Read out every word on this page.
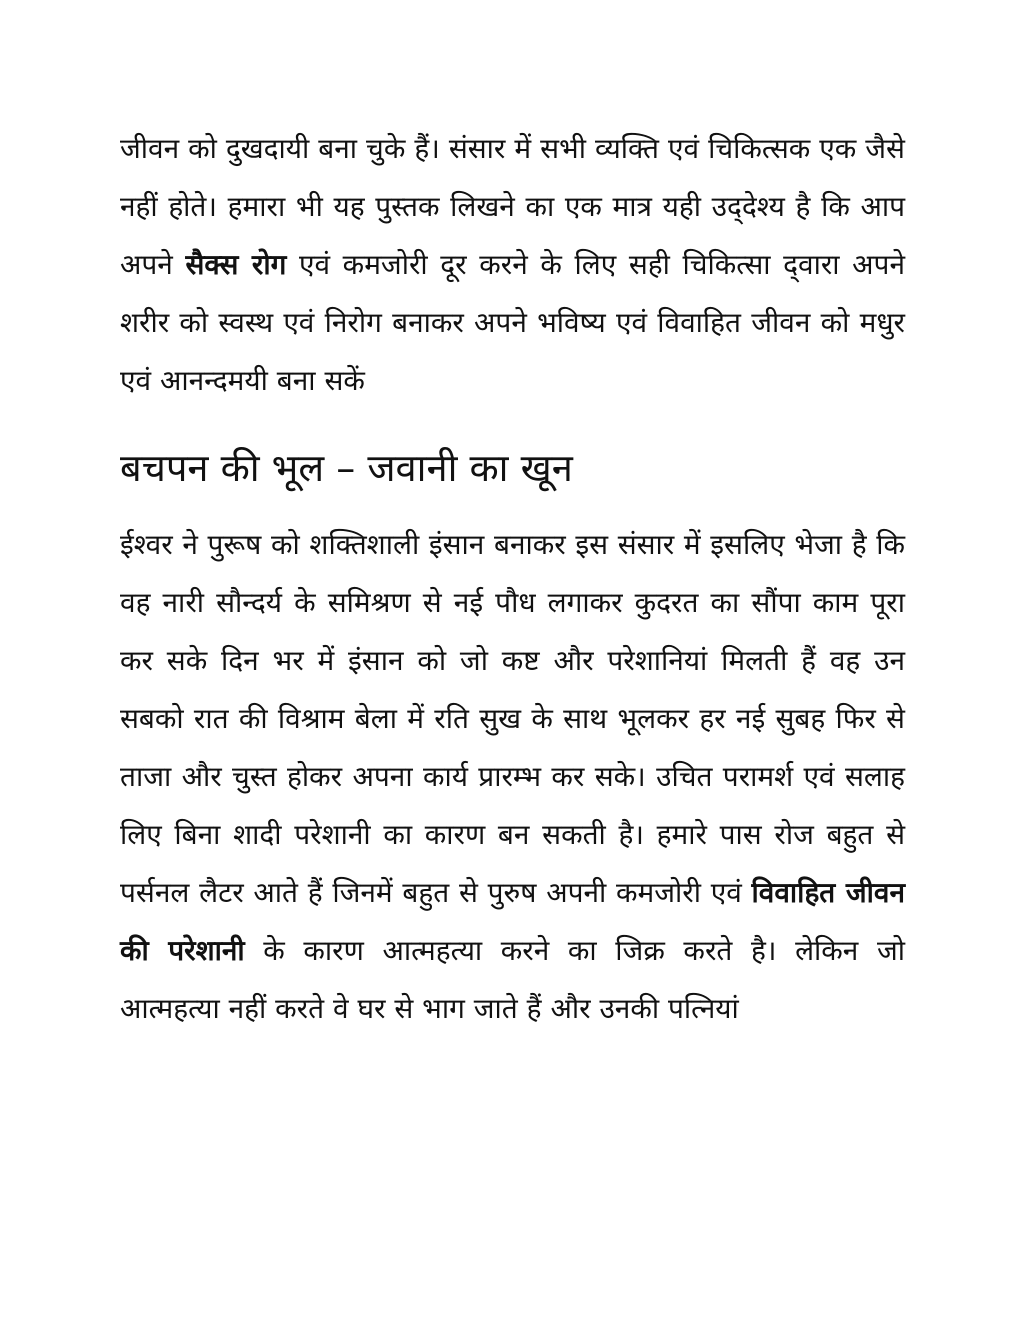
जीवन को दुखदायी बना चुके हैं। संसार में सभी व्यक्ति एवं चिकित्सक एक जैसे नहीं होते। हमारा भी यह पुस्तक लिखने का एक मात्र यही उद्‌देश्य है कि आप अपने सैक्स रोग एवं कमजोरी दूर करने के लिए सही चिकित्सा द्‌वारा अपने शरीर को स्वस्थ एवं निरोग बनाकर अपने भविष्य एवं विवाहित जीवन को मधुर एवं आनन्दमयी बना सकें

बचपन की भूल – जवानी का खून

ईश्वर ने पुरूष को शक्तिशाली इंसान बनाकर इस संसार में इसलिए भेजा है कि वह नारी सौन्दर्य के समिश्रण से नई पौध लगाकर कुदरत का सौंपा काम पूरा कर सके दिन भर में इंसान को जो कष्ट और परेशानियां मिलती हैं वह उन सबको रात की विश्राम बेला में रति सुख के साथ भूलकर हर नई सुबह फिर से ताजा और चुस्त होकर अपना कार्य प्रारम्भ कर सके। उचित परामर्श एवं सलाह लिए बिना शादी परेशानी का कारण बन सकती है। हमारे पास रोज बहुत से पर्सनल लैटर आते हैं जिनमें बहुत से पुरुष अपनी कमजोरी एवं विवाहित जीवन की परेशानी के कारण आत्महत्या करने का जिक्र करते है। लेकिन जो आत्महत्या नहीं करते वे घर से भाग जाते हैं और उनकी पत्नियां
